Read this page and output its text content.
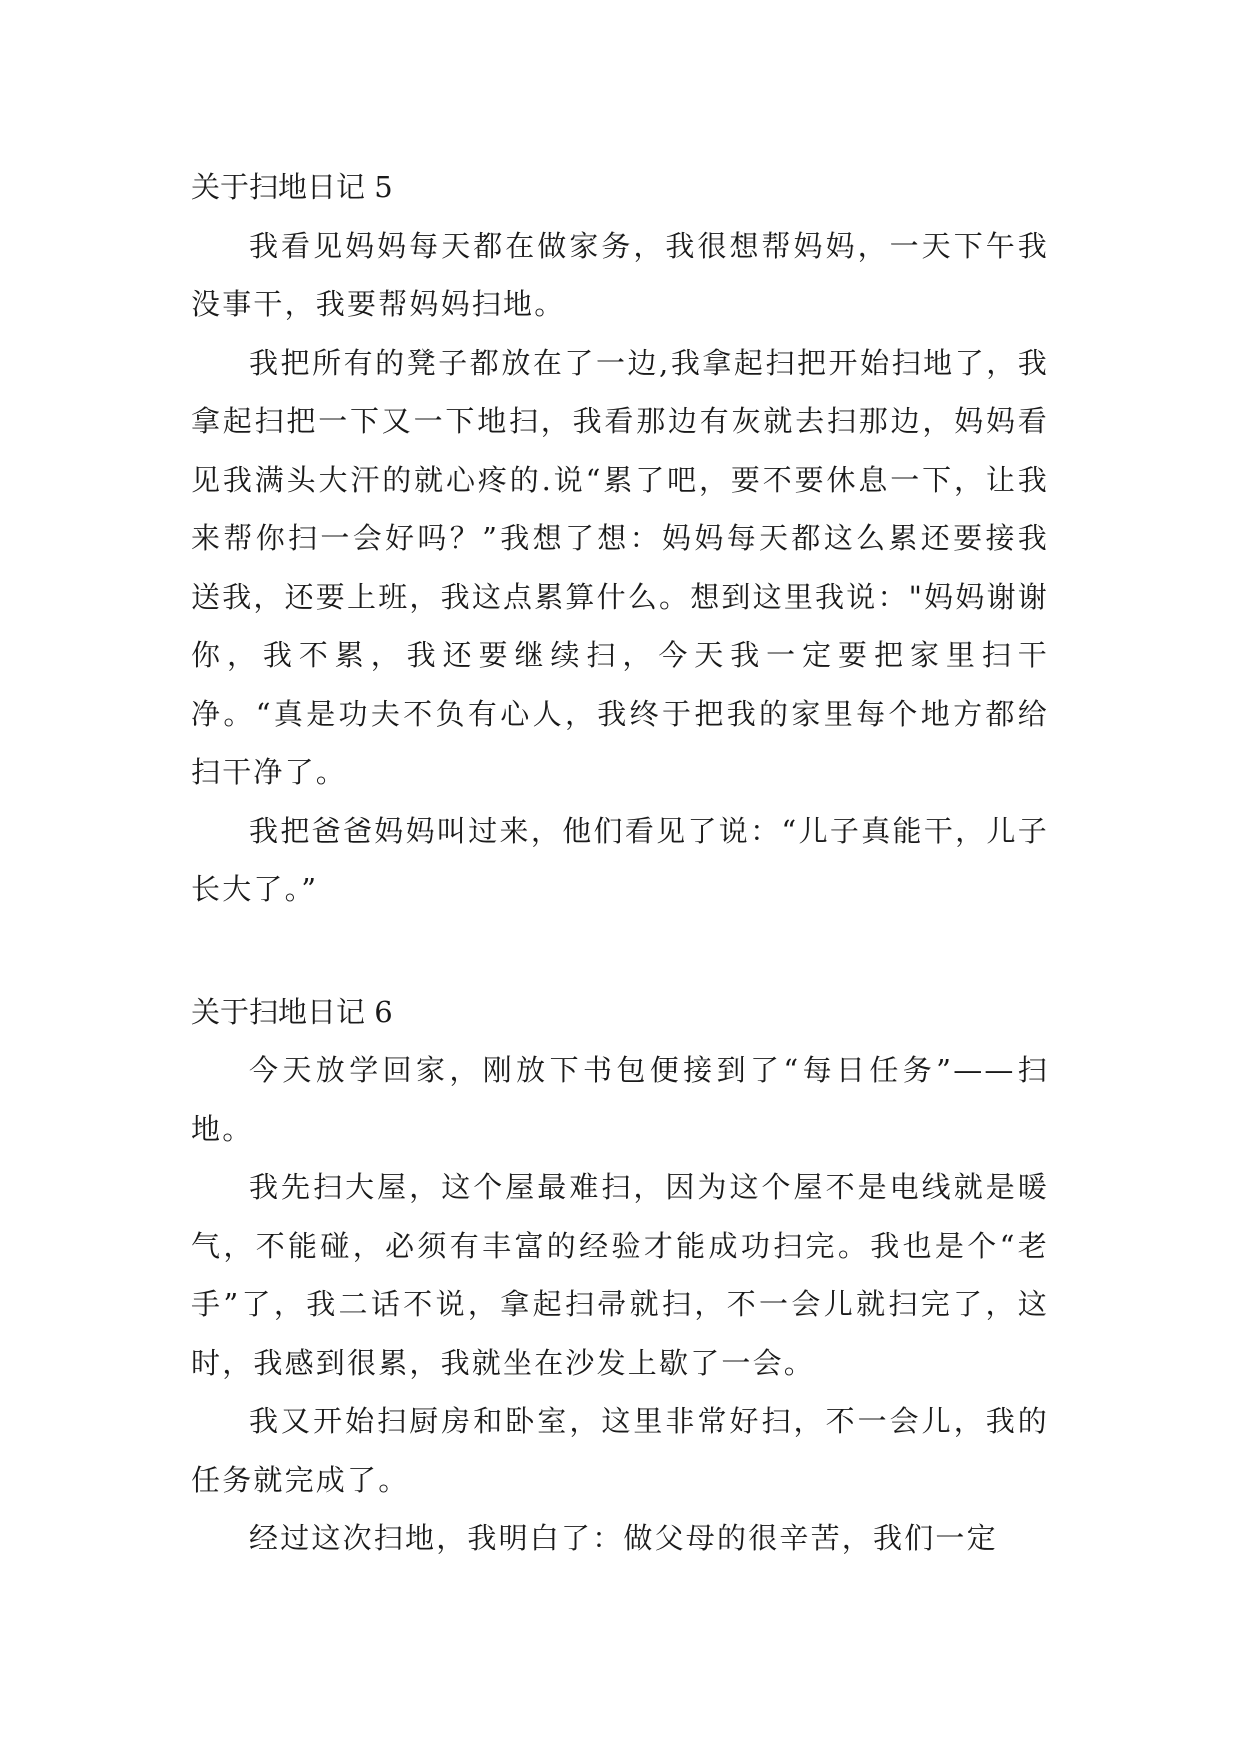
关于扫地日记 5

我看见妈妈每天都在做家务，我很想帮妈妈，一天下午我没事干，我要帮妈妈扫地。

我把所有的凳子都放在了一边,我拿起扫把开始扫地了，我拿起扫把一下又一下地扫，我看那边有灰就去扫那边，妈妈看见我满头大汗的就心疼的.说“累了吧，要不要休息一下，让我来帮你扫一会好吗？”我想了想：妈妈每天都这么累还要接我送我，还要上班，我这点累算什么。想到这里我说："妈妈谢谢你，我不累，我还要继续扫，今天我一定要把家里扫干净。“真是功夫不负有心人，我终于把我的家里每个地方都给扫干净了。

我把爸爸妈妈叫过来，他们看见了说：“儿子真能干，儿子长大了。”

关于扫地日记 6

今天放学回家，刚放下书包便接到了“每日任务”——扫地。

我先扫大屋，这个屋最难扫，因为这个屋不是电线就是暖气，不能碰，必须有丰富的经验才能成功扫完。我也是个“老手”了，我二话不说，拿起扫帚就扫，不一会儿就扫完了，这时，我感到很累，我就坐在沙发上歇了一会。

我又开始扫厨房和卧室，这里非常好扫，不一会儿，我的任务就完成了。

经过这次扫地，我明白了：做父母的很辛苦，我们一定
